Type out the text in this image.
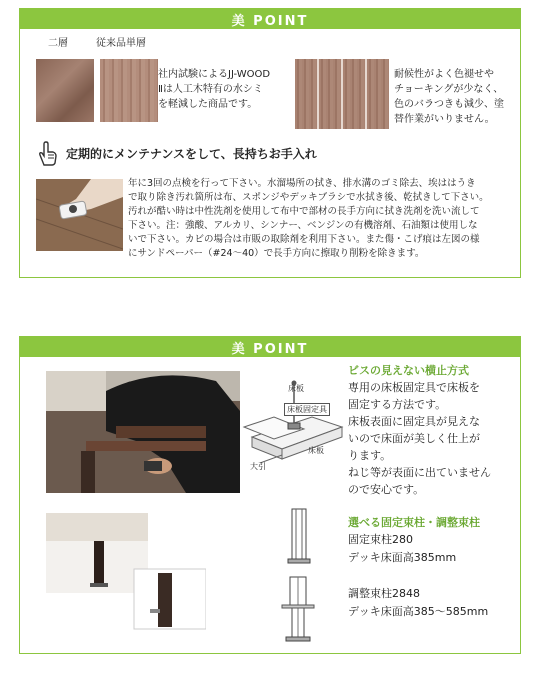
美 POINT
二層	従来品単層
社内試験によるJJ-WOOD
Ⅱは人工木特有の水シミ
を軽減した商品です。
耐候性がよく色褪せや
チョーキングが少なく、
色のバラつきも減少、塗
替作業がいりません。
定期的にメンテナンスをして、長持ちお手入れ
年に3回の点検を行って下さい。水溜場所の拭き、排水溝のゴミ除去、埃ははうき
で取り除き汚れ箇所は布、スポンジやデッキブラシで水拭き後、乾拭きして下さい。
汚れが酷い時は中性洗剤を使用して布中で部材の長手方向に拭き洗剤を洗い流して
下さい。注：強酸、アルカリ、シンナー、ベンジンの有機溶剤、石油類は使用しな
いで下さい。カビの場合は市販の取除剤を利用下さい。また傷・こげ痕は左図の様
にサンドペーパー（#24〜40）で長手方向に擦取り削粉を除きます。
美 POINT
床板
床板固定具
床板
大引
ビスの見えない横止方式
専用の床板固定具で床板を
固定する方法です。
床板表面に固定具が見えな
いので床面が美しく仕上が
ります。
ねじ等が表面に出ていません
ので安心です。
選べる固定束柱・調整束柱
固定束柱280
デッキ床面高385mm
調整束柱2848
デッキ床面高385〜585mm
